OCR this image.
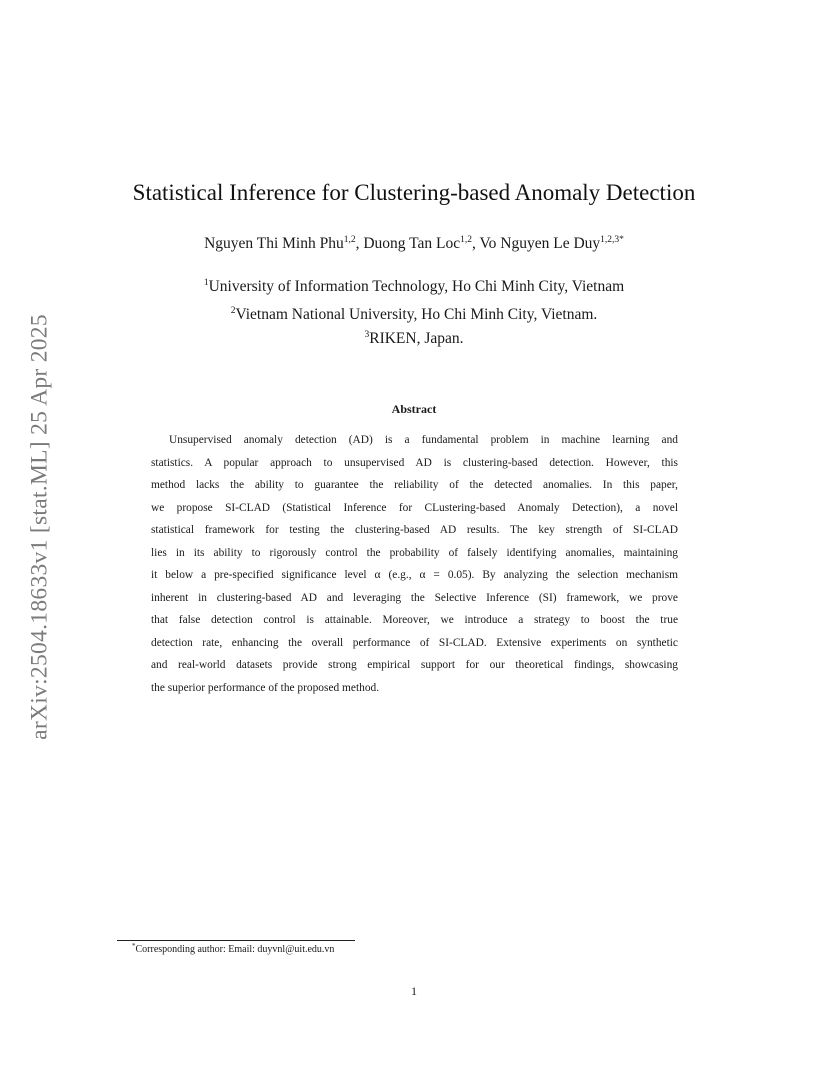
arXiv:2504.18633v1 [stat.ML] 25 Apr 2025
Statistical Inference for Clustering-based Anomaly Detection
Nguyen Thi Minh Phu$^{1,2}$, Duong Tan Loc$^{1,2}$, Vo Nguyen Le Duy$^{1,2,3*}$
$^1$University of Information Technology, Ho Chi Minh City, Vietnam
$^2$Vietnam National University, Ho Chi Minh City, Vietnam.
$^3$RIKEN, Japan.
Abstract
Unsupervised anomaly detection (AD) is a fundamental problem in machine learning and
statistics. A popular approach to unsupervised AD is clustering-based detection. However, this
method lacks the ability to guarantee the reliability of the detected anomalies. In this paper,
we propose SI-CLAD (Statistical Inference for CLustering-based Anomaly Detection), a novel
statistical framework for testing the clustering-based AD results. The key strength of SI-CLAD
lies in its ability to rigorously control the probability of falsely identifying anomalies, maintaining
it below a pre-specified significance level α (e.g., α = 0.05). By analyzing the selection mechanism
inherent in clustering-based AD and leveraging the Selective Inference (SI) framework, we prove
that false detection control is attainable. Moreover, we introduce a strategy to boost the true
detection rate, enhancing the overall performance of SI-CLAD. Extensive experiments on synthetic
and real-world datasets provide strong empirical support for our theoretical findings, showcasing
the superior performance of the proposed method.
*Corresponding author: Email: duyvnl@uit.edu.vn
1
